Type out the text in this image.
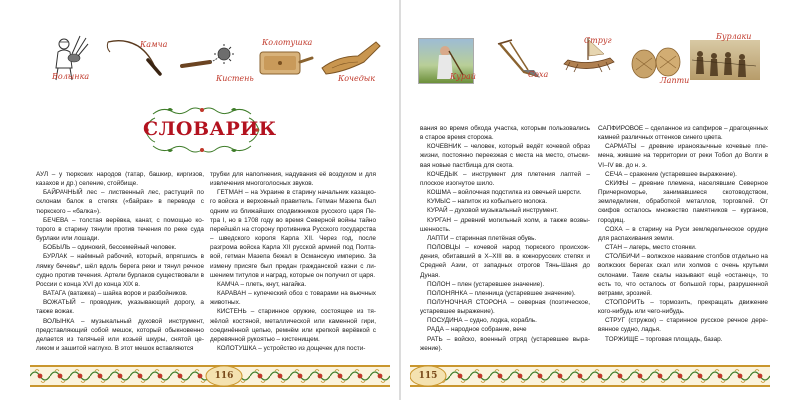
Волынка
Камча
Кистень
Колотушка
Кочедык	Курай	Соха
Струг
Лапти
Бурлаки
СЛОВАРИК

АУЛ – у тюркских народов (татар, башкир, киргизов, казахов и др.) селение, стойбище.

БАЙРАЧНЫЙ лес – лиственный лес, растущий по склонам балок в степях («байрак» в переводе с тюркского – «балка»).

БЕЧЕВА – толстая верёвка, канат, с помощью которого в старину тянули против течения по реке суда бурлаки или лошади.

БОБЫЛЬ – одинокий, бессемейный человек.

БУРЛАК – наёмный рабочий, который, впрягшись в лямку бечевы*, шёл вдоль берега реки и тянул речное судно против течения. Артели бурлаков существовали в России с конца XVI до конца XIX в.

ВАТАГА (ватажка) – шайка воров и разбойников.

ВОЖАТЫЙ – проводник, указывающий дорогу, а также вожак.

ВОЛЫНКА – музыкальный духовой инструмент, представляющий собой мешок, который обыкновенно делается из телячьей или козьей шкуры, снятой целиком и зашитой наглухо. В этот мешок вставляются

трубки для наполнения, надувания её воздухом и для извлечения многоголосных звуков.

ГЕТМАН – на Украине в старину начальник казацкого войска и верховный правитель. Гетман Мазепа был одним из ближайших сподвижников русского царя Петра I, но в 1708 году во время Северной войны тайно перейшёл на сторону противника Русского государства – шведского короля Карла XII. Через год, после разгрома войска Карла XII русской армией под Полтавой, гетман Мазепа бежал в Османскую империю. За измену присяге был предан гражданской казни с лишением титулов и наград, которые он получил от царя.

КАМЧА – плеть, кнут, нагайка.

КАРАВАН – купеческий обоз с товарами на вьючных животных.

КИСТЕНЬ – старинное оружие, состоящее из тяжёлой костяной, металлической или каменной гири, соединённой цепью, ремнём или крепкой верёвкой с деревянной рукоятью – кистенищем.

КОЛОТУШКА – устройство из дощечек для пости-

вания во время обхода участка, которым пользовались в старое время сторожа.

КОЧЕВНИК – человек, который ведёт кочевой образ жизни, постоянно переезжая с места на место, отыскивая новые пастбища для скота.

КОЧЕДЫК – инструмент для плетения лаптей – плоское изогнутое шило.

КОШМА – войлочная подстилка из овечьей шерсти.

КУМЫС – напиток из кобыльего молока.

КУРАЙ – духовой музыкальный инструмент.

КУРГАН – древний могильный холм, а также возвышенность.

ЛАПТИ – старинная плетёная обувь.

ПОЛОВЦЫ – кочевой народ тюркского происхождения, обитавший в X–XIII вв. в южнорусских степях и Средней Азии, от западных отрогов Тянь-Шаня до Дуная.

ПОЛОН – плен (устаревшее значение).

ПОЛОНЯНКА – пленница (устаревшее значение).

ПОЛУНОЧНАЯ СТОРОНА – северная (поэтическое, устаревшее выражение).

ПОСУДИНА – судно, лодка, корабль.

РАДА – народное собрание, вече

РАТЬ – войско, военный отряд (устаревшее выражение).

САПФИРОВОЕ – сделанное из сапфиров – драгоценных камней различных оттенков синего цвета.

САРМАТЫ – древние ираноязычные кочевые племена, жившие на территории от реки Тобол до Волги в VI–IV вв. до н. э.

СЕЧА – сражение (устаревшее выражение).

СКИФЫ – древние племена, населявшие Северное Причерноморье, занимавшиеся скотоводством, земледелием, обработкой металлов, торговлей. От скифов осталось множество памятников – курганов, городищ.

СОХА – в старину на Руси земледельческое орудие для распахивания земли.

СТАН – лагерь, место стоянки.

СТОЛБИЧИ – волжское название столбов отдельно на волжских берегах скал или холмов с очень крутыми склонами. Такие скалы называют ещё «останец», то есть то, что осталось от большой горы, разрушенной ветрами, эрозией.

СТОПОРИТЬ – тормозить, прекращать движение кого-нибудь или чего-нибудь.

СТРУГ (стружок) – старинное русское речное деревянное судно, ладья.

ТОРЖИЩЕ – торговая площадь, базар.

116	115
